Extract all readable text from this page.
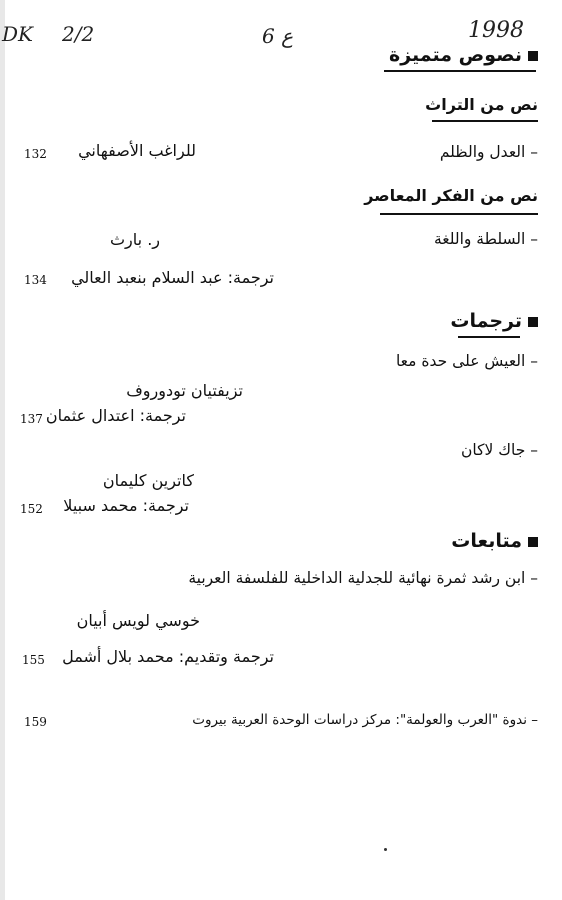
DK 2/2	6 ع	1998
نصوص متميزة
نص من التراث
– العدل والظلم
للراغب الأصفهاني
132
نص من الفكر المعاصر
– السلطة واللغة
ر. بارث
ترجمة: عبد السلام بنعبد العالي
134
ترجمات
– العيش على حدة معا
تزيفتيان تودوروف
ترجمة: اعتدال عثمان
137
– جاك لاكان
كاترين كليمان
ترجمة: محمد سبيلا
152
متابعات
– ابن رشد ثمرة نهائية للجدلية الداخلية للفلسفة العربية
خوسي لويس أبيان
ترجمة وتقديم: محمد بلال أشمل
155
– ندوة "العرب والعولمة": مركز دراسات الوحدة العربية بيروت
159
